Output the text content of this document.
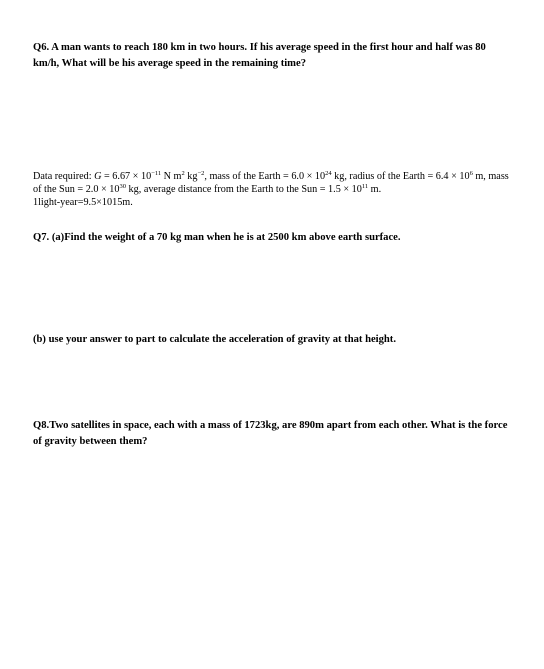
Q6. A man wants to reach 180 km in two hours. If his average speed in the first hour and half was 80 km/h, What will be his average speed in the remaining time?

Data required: $G = 6.67 \times 10^{-11}$ N $m^2$ $kg^{-2}$, mass of the Earth = $6.0 \times 10^{24}$ kg, radius of the Earth = $6.4 \times 10^6$ m, mass of the Sun = $2.0 \times 10^{30}$ kg, average distance from the Earth to the Sun = $1.5 \times 10^{11}$ m.
1light-year=9.5×1015m.

Q7. (a)Find the weight of a 70 kg man when he is at 2500 km above earth surface.

(b) use your answer to part to calculate the acceleration of gravity at that height.

Q8.Two satellites in space, each with a mass of 1723kg, are 890m apart from each other. What is the force of gravity between them?
